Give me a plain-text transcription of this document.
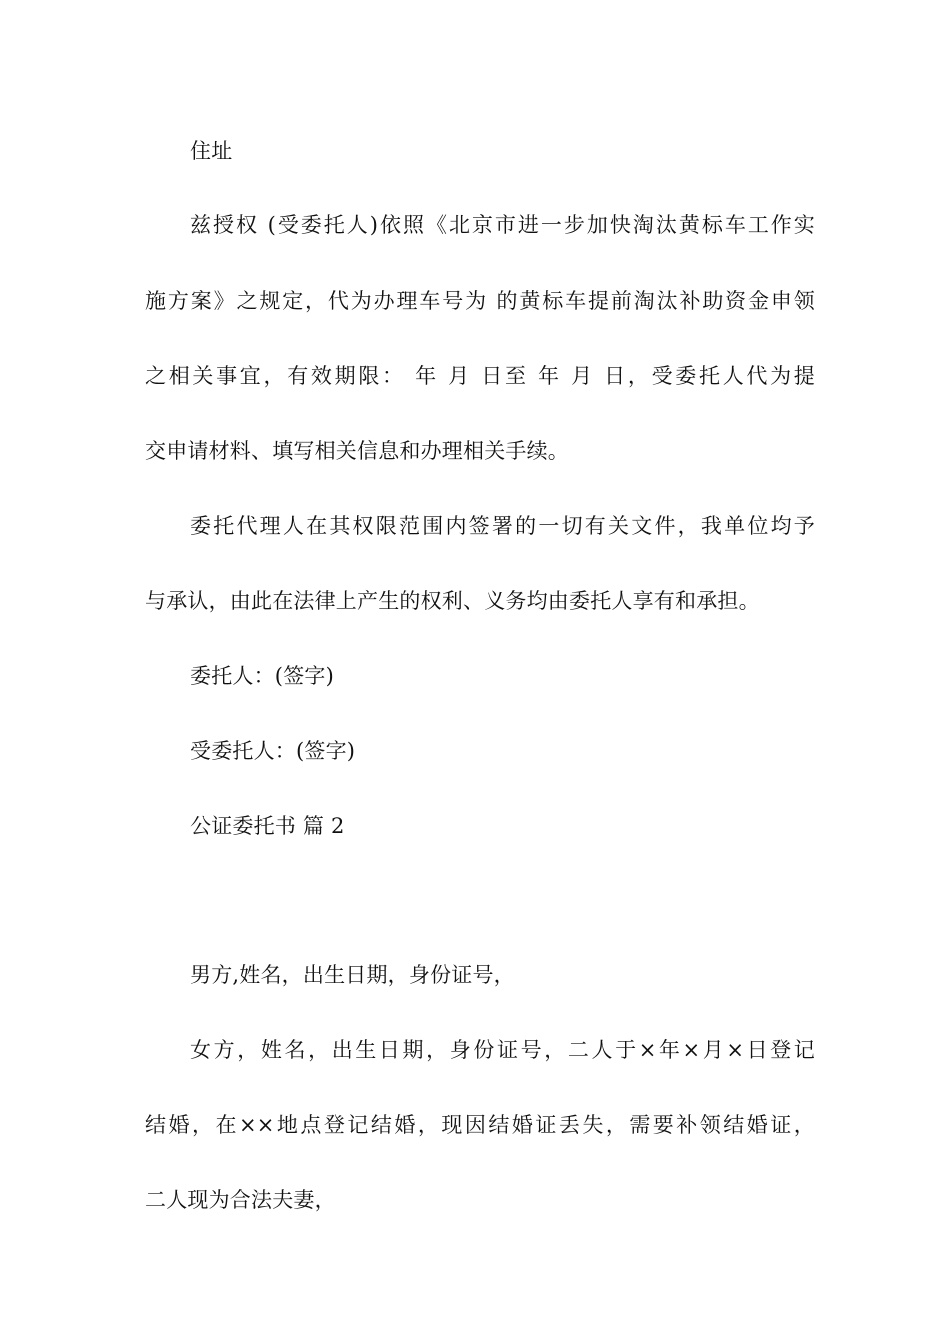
住址
兹授权 (受委托人)依照《北京市进一步加快淘汰黄标车工作实
施方案》之规定，代为办理车号为 的黄标车提前淘汰补助资金申领
之相关事宜，有效期限： 年 月 日至 年 月 日，受委托人代为提
交申请材料、填写相关信息和办理相关手续。
委托代理人在其权限范围内签署的一切有关文件，我单位均予
与承认，由此在法律上产生的权利、义务均由委托人享有和承担。
委托人：(签字)
受委托人：(签字)
公证委托书 篇 2
男方,姓名，出生日期，身份证号，
女方，姓名，出生日期，身份证号，二人于×年×月×日登记
结婚，在××地点登记结婚，现因结婚证丢失，需要补领结婚证，
二人现为合法夫妻，
